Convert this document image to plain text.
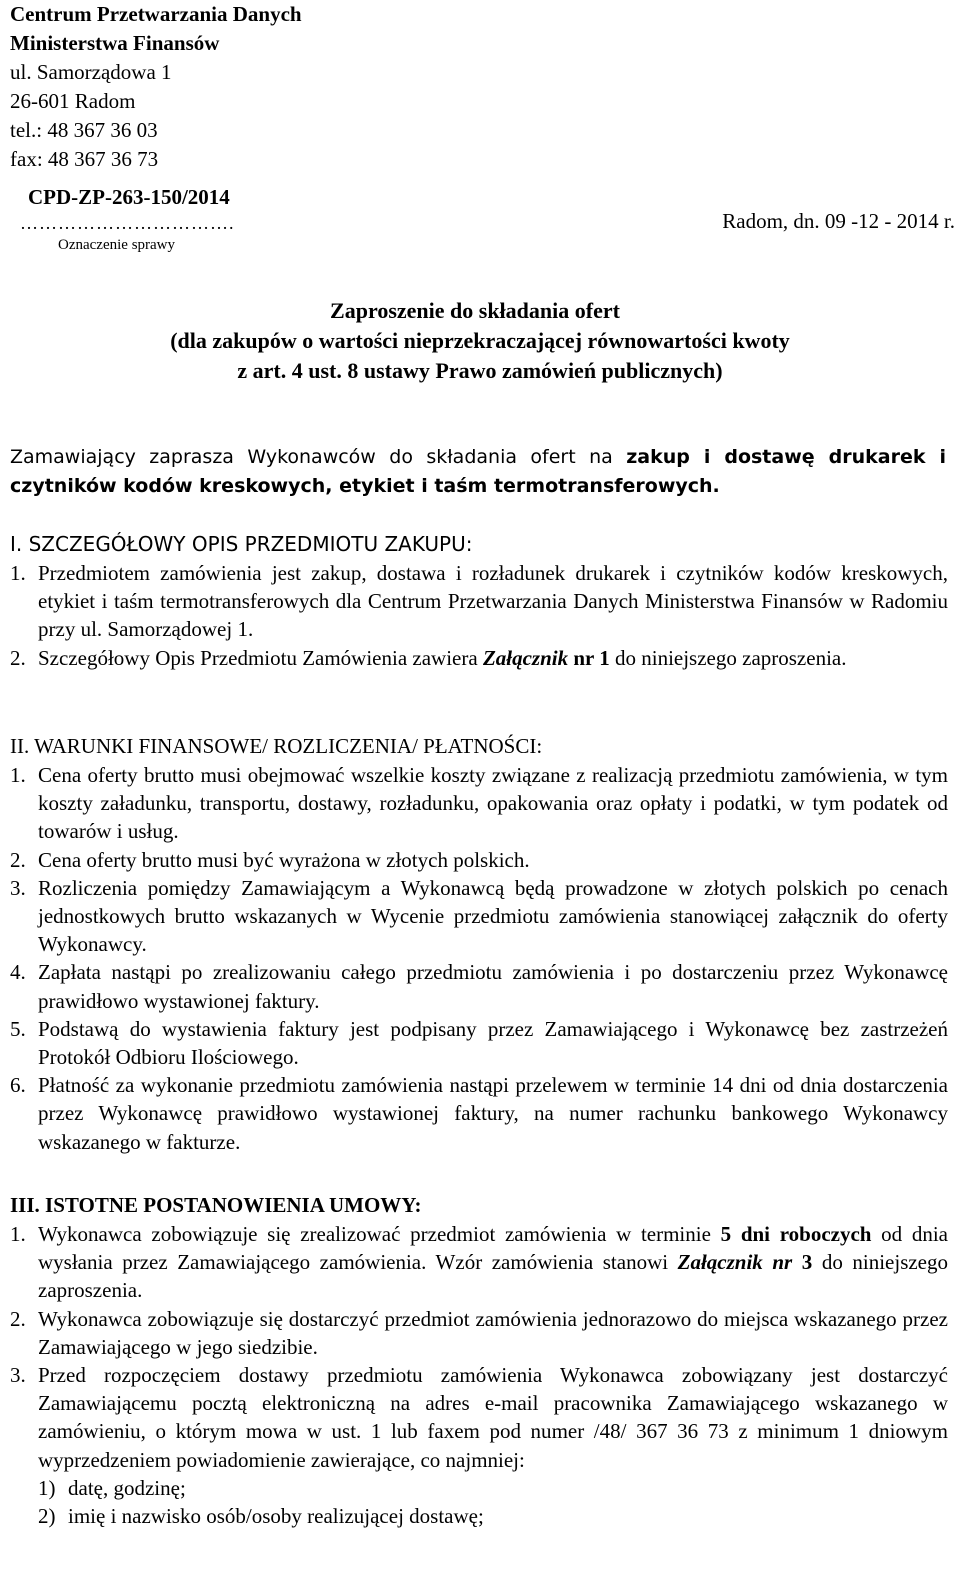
Centrum Przetwarzania Danych
Ministerstwa Finansów
ul. Samorządowa 1
26-601 Radom
tel.: 48 367 36 03
fax: 48 367 36 73
CPD-ZP-263-150/2014
…………………………….	Radom, dn. 09 -12 - 2014 r.
Oznaczenie sprawy
Zaproszenie do składania ofert
(dla zakupów o wartości nieprzekraczającej równowartości kwoty
z art. 4 ust. 8 ustawy Prawo zamówień publicznych)
Zamawiający zaprasza Wykonawców do składania ofert na zakup i dostawę drukarek i czytników kodów kreskowych, etykiet i taśm termotransferowych.
I. SZCZEGÓŁOWY OPIS PRZEDMIOTU ZAKUPU:
1. Przedmiotem zamówienia jest zakup, dostawa i rozładunek drukarek i czytników kodów kreskowych, etykiet i taśm termotransferowych dla Centrum Przetwarzania Danych Ministerstwa Finansów w Radomiu przy ul. Samorządowej 1.
2. Szczegółowy Opis Przedmiotu Zamówienia zawiera Załącznik nr 1 do niniejszego zaproszenia.
II. WARUNKI FINANSOWE/ ROZLICZENIA/ PŁATNOŚCI:
1. Cena oferty brutto musi obejmować wszelkie koszty związane z realizacją przedmiotu zamówienia, w tym koszty załadunku, transportu, dostawy, rozładunku, opakowania oraz opłaty i podatki, w tym podatek od towarów i usług.
2. Cena oferty brutto musi być wyrażona w złotych polskich.
3. Rozliczenia pomiędzy Zamawiającym a Wykonawcą będą prowadzone w złotych polskich po cenach jednostkowych brutto wskazanych w Wycenie przedmiotu zamówienia stanowiącej załącznik do oferty Wykonawcy.
4. Zapłata nastąpi po zrealizowaniu całego przedmiotu zamówienia i po dostarczeniu przez Wykonawcę prawidłowo wystawionej faktury.
5. Podstawą do wystawienia faktury jest podpisany przez Zamawiającego i Wykonawcę bez zastrzeżeń Protokół Odbioru Ilościowego.
6. Płatność za wykonanie przedmiotu zamówienia nastąpi przelewem w terminie 14 dni od dnia dostarczenia przez Wykonawcę prawidłowo wystawionej faktury, na numer rachunku bankowego Wykonawcy wskazanego w fakturze.
III. ISTOTNE POSTANOWIENIA UMOWY:
1. Wykonawca zobowiązuje się zrealizować przedmiot zamówienia w terminie 5 dni roboczych od dnia wysłania przez Zamawiającego zamówienia. Wzór zamówienia stanowi Załącznik nr 3 do niniejszego zaproszenia.
2. Wykonawca zobowiązuje się dostarczyć przedmiot zamówienia jednorazowo do miejsca wskazanego przez Zamawiającego w jego siedzibie.
3. Przed rozpoczęciem dostawy przedmiotu zamówienia Wykonawca zobowiązany jest dostarczyć Zamawiającemu pocztą elektroniczną na adres e-mail pracownika Zamawiającego wskazanego w zamówieniu, o którym mowa w ust. 1 lub faxem pod numer /48/ 367 36 73 z minimum 1 dniowym wyprzedzeniem powiadomienie zawierające, co najmniej:
1) datę, godzinę;
2) imię i nazwisko osób/osoby realizującej dostawę;
